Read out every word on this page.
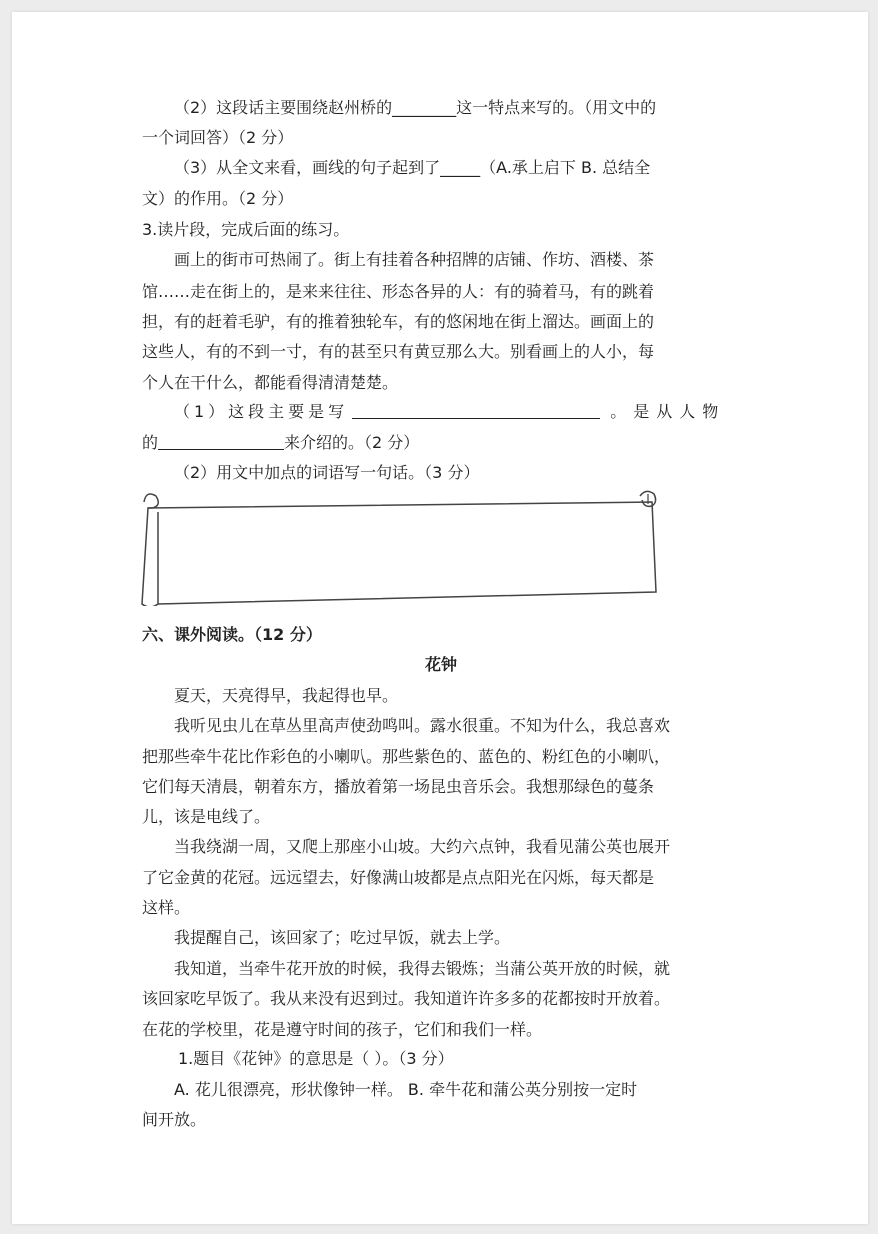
（2）这段话主要围绕赵州桥的________这一特点来写的。（用文中的
一个词回答）（2 分）
（3）从全文来看，画线的句子起到了_____（A.承上启下 B. 总结全
文）的作用。（2 分）
3.读片段，完成后面的练习。
画上的街市可热闹了。街上有挂着各种招牌的店铺、作坊、酒楼、茶
馆……走在街上的，是来来往往、形态各异的人：有的骑着马，有的跳着
担，有的赶着毛驴，有的推着独轮车，有的悠闲地在街上溜达。画面上的
这些人，有的不到一寸，有的甚至只有黄豆那么大。别看画上的人小，每
个人在干什么，都能看得清清楚楚。
（1）这段主要是写	。是从人物
的	来介绍的。（2 分）
（2）用文中加点的词语写一句话。（3 分）
六、课外阅读。（12 分）
花钟
夏天，天亮得早，我起得也早。
我听见虫儿在草丛里高声使劲鸣叫。露水很重。不知为什么，我总喜欢
把那些牵牛花比作彩色的小喇叭。那些紫色的、蓝色的、粉红色的小喇叭，
它们每天清晨，朝着东方，播放着第一场昆虫音乐会。我想那绿色的蔓条
儿，该是电线了。
当我绕湖一周，又爬上那座小山坡。大约六点钟，我看见蒲公英也展开
了它金黄的花冠。远远望去，好像满山坡都是点点阳光在闪烁，每天都是
这样。
我提醒自己，该回家了；吃过早饭，就去上学。
我知道，当牵牛花开放的时候，我得去锻炼；当蒲公英开放的时候，就
该回家吃早饭了。我从来没有迟到过。我知道许许多多的花都按时开放着。
在花的学校里，花是遵守时间的孩子，它们和我们一样。
1.题目《花钟》的意思是（ ）。（3 分）
A. 花儿很漂亮，形状像钟一样。 B. 牵牛花和蒲公英分别按一定时
间开放。
